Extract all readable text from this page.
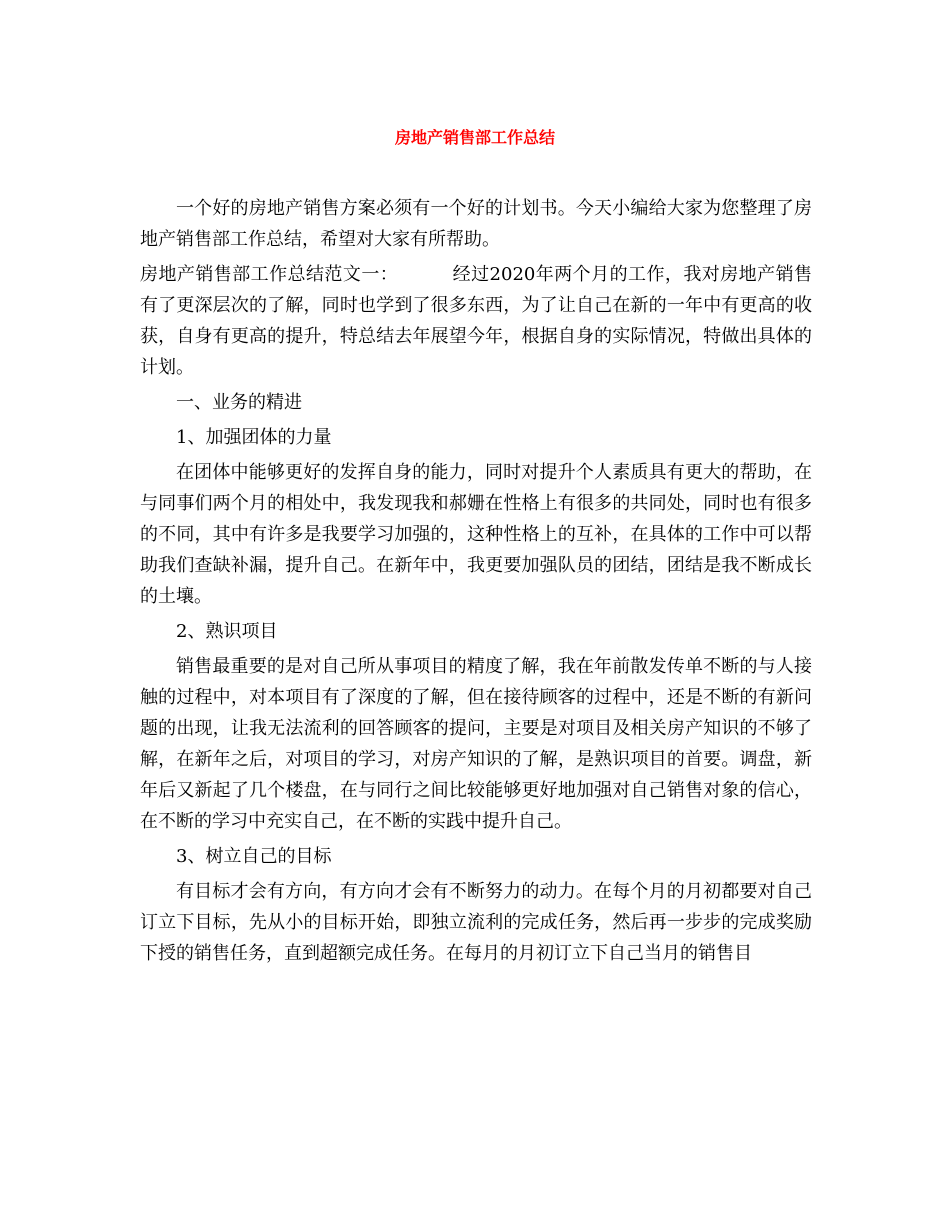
房地产销售部工作总结

一个好的房地产销售方案必须有一个好的计划书。今天小编给大家为您整理了房地产销售部工作总结，希望对大家有所帮助。

房地产销售部工作总结范文一：	经过2020年两个月的工作，我对房地产销售有了更深层次的了解，同时也学到了很多东西，为了让自己在新的一年中有更高的收获，自身有更高的提升，特总结去年展望今年，根据自身的实际情况，特做出具体的计划。

一、业务的精进

1、加强团体的力量

在团体中能够更好的发挥自身的能力，同时对提升个人素质具有更大的帮助，在与同事们两个月的相处中，我发现我和郝姗在性格上有很多的共同处，同时也有很多的不同，其中有许多是我要学习加强的，这种性格上的互补，在具体的工作中可以帮助我们查缺补漏，提升自己。在新年中，我更要加强队员的团结，团结是我不断成长的土壤。

2、熟识项目

销售最重要的是对自己所从事项目的精度了解，我在年前散发传单不断的与人接触的过程中，对本项目有了深度的了解，但在接待顾客的过程中，还是不断的有新问题的出现，让我无法流利的回答顾客的提问，主要是对项目及相关房产知识的不够了解，在新年之后，对项目的学习，对房产知识的了解，是熟识项目的首要。调盘，新年后又新起了几个楼盘，在与同行之间比较能够更好地加强对自己销售对象的信心，在不断的学习中充实自己，在不断的实践中提升自己。

3、树立自己的目标

有目标才会有方向，有方向才会有不断努力的动力。在每个月的月初都要对自己订立下目标，先从小的目标开始，即独立流利的完成任务，然后再一步步的完成奖励下授的销售任务，直到超额完成任务。在每月的月初订立下自己当月的销售目
